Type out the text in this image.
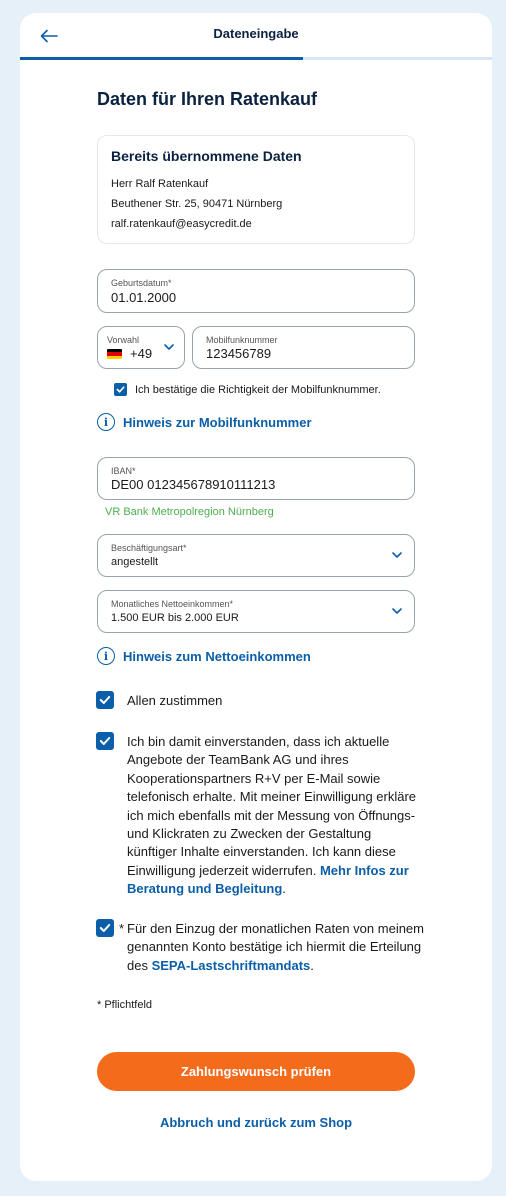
Dateneingabe
Daten für Ihren Ratenkauf
Bereits übernommene Daten
Herr Ralf Ratenkauf
Beuthener Str. 25, 90471 Nürnberg
ralf.ratenkauf@easycredit.de
Geburtsdatum*
01.01.2000
Vorwahl
+49
Mobilfunknummer
123456789
Ich bestätige die Richtigkeit der Mobilfunknummer.
i	Hinweis zur Mobilfunknummer
IBAN*
DE00 012345678910111213
VR Bank Metropolregion Nürnberg
Beschäftigungsart*
angestellt
Monatliches Nettoeinkommen*
1.500 EUR bis 2.000 EUR
i	Hinweis zum Nettoeinkommen
Allen zustimmen
Ich bin damit einverstanden, dass ich aktuelle Angebote der TeamBank AG und ihres Kooperationspartners R+V per E-Mail sowie telefonisch erhalte. Mit meiner Einwilligung erkläre ich mich ebenfalls mit der Messung von Öffnungs- und Klickraten zu Zwecken der Gestaltung künftiger Inhalte einverstanden. Ich kann diese Einwilligung jederzeit widerrufen. Mehr Infos zur Beratung und Begleitung.
* Für den Einzug der monatlichen Raten von meinem genannten Konto bestätige ich hiermit die Erteilung des SEPA-Lastschriftmandats.
* Pflichtfeld
Zahlungswunsch prüfen
Abbruch und zurück zum Shop
